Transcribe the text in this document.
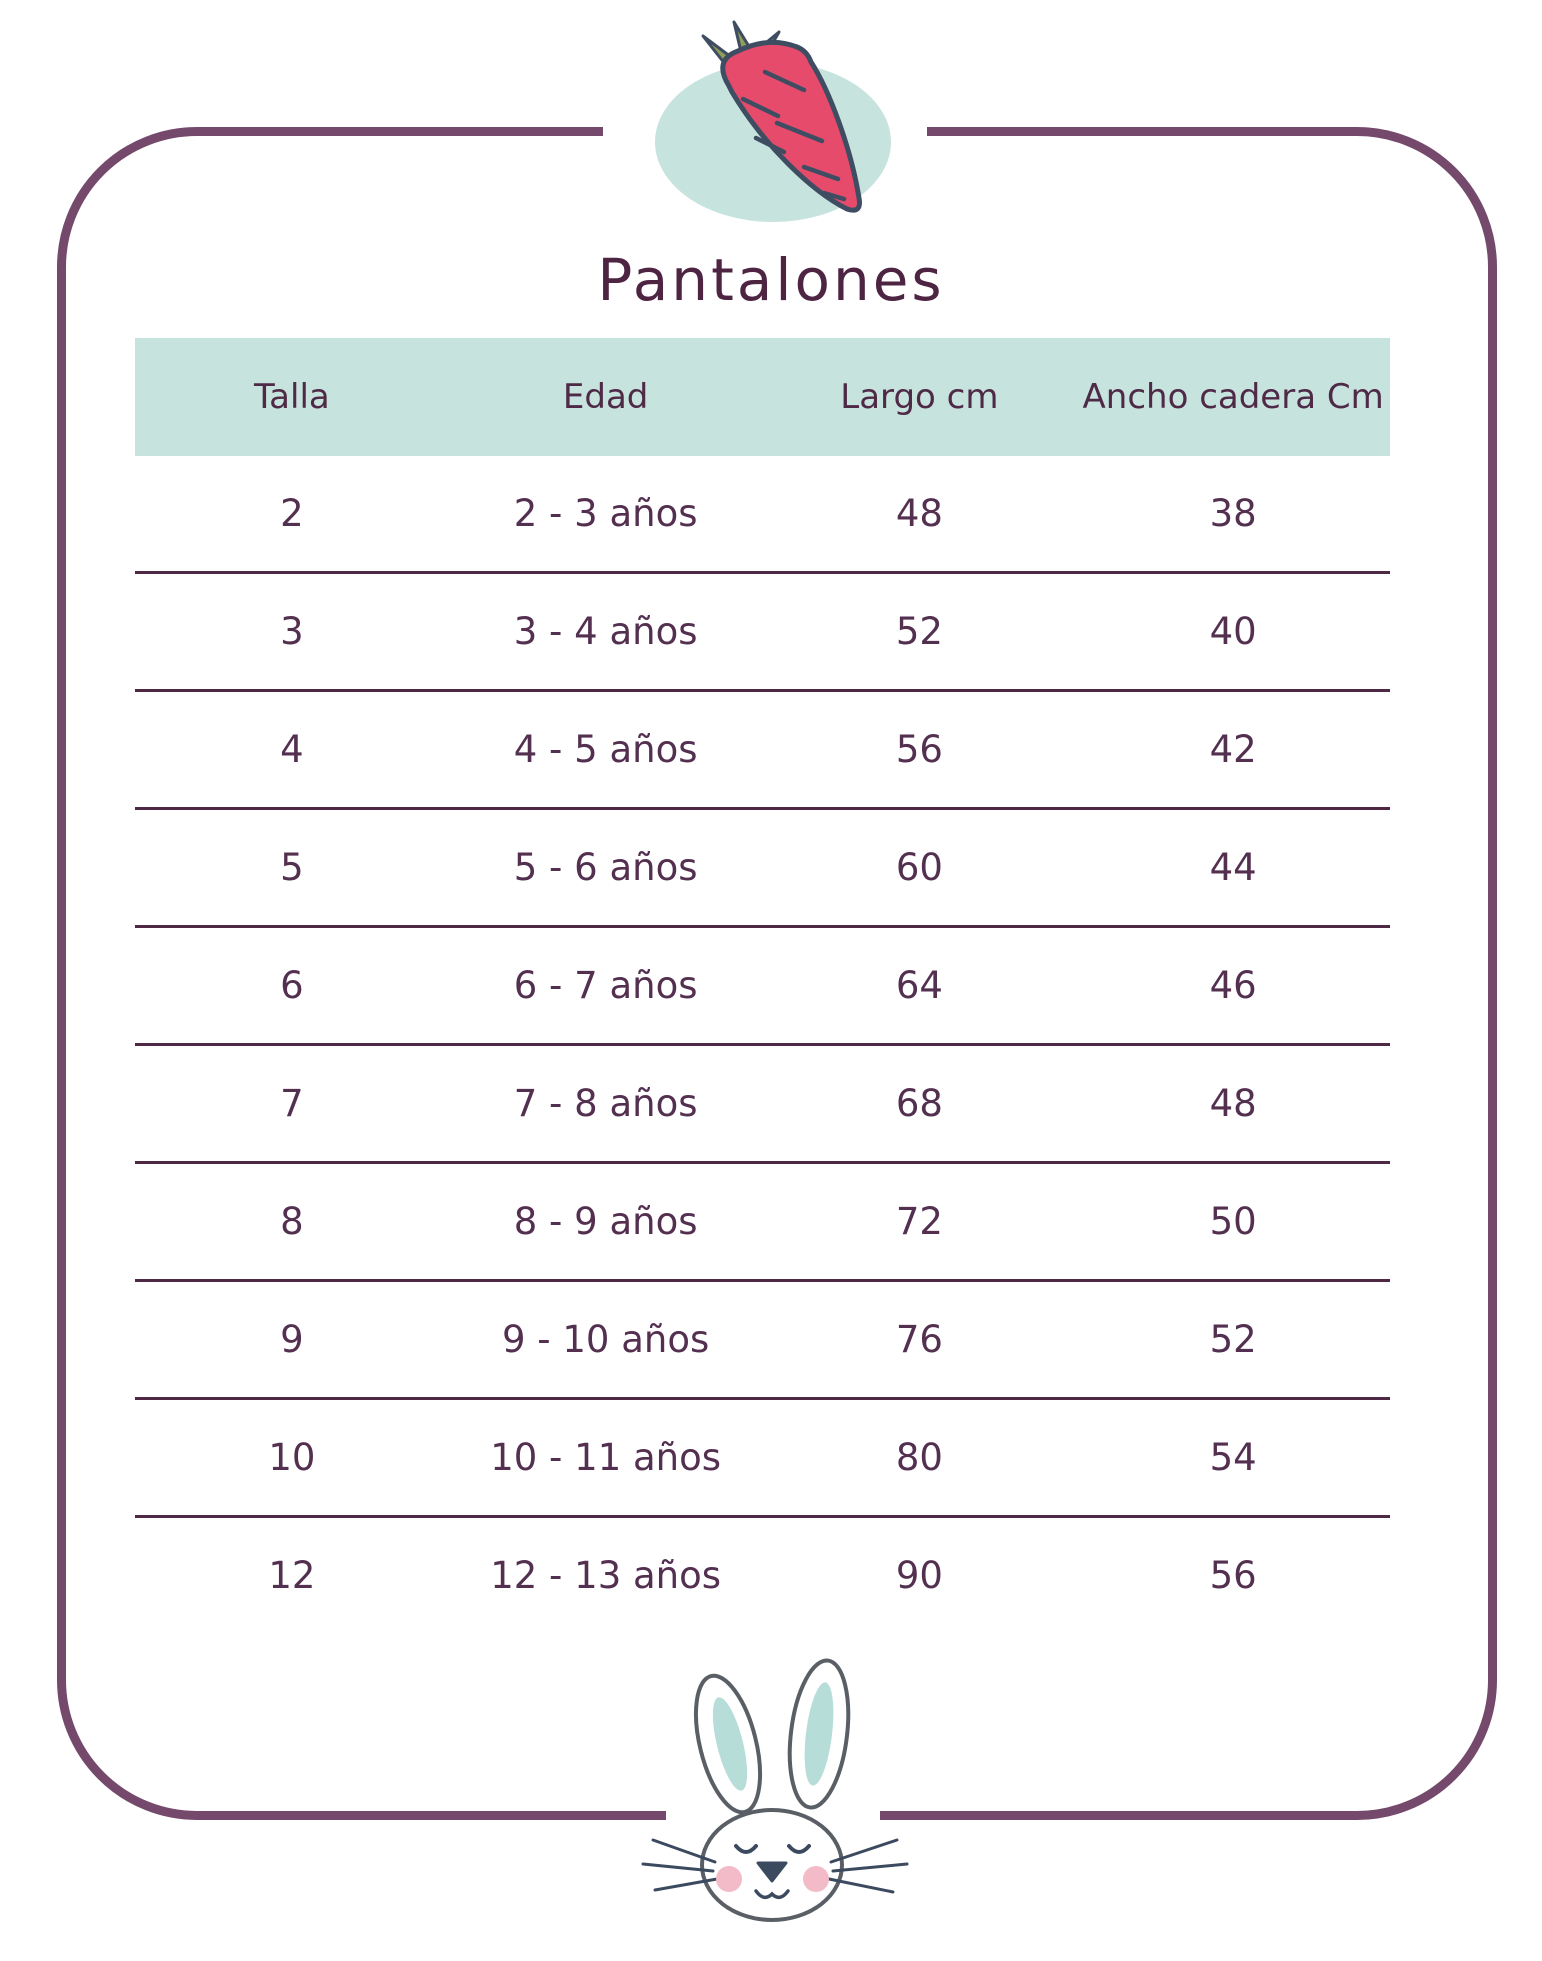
Pantalones
Talla	Edad	Largo cm	Ancho cadera Cm
2	2 - 3 años	48	38
3	3 - 4 años	52	40
4	4 - 5 años	56	42
5	5 - 6 años	60	44
6	6 - 7 años	64	46
7	7 - 8 años	68	48
8	8 - 9 años	72	50
9	9 - 10 años	76	52
10	10 - 11 años	80	54
12	12 - 13 años	90	56
